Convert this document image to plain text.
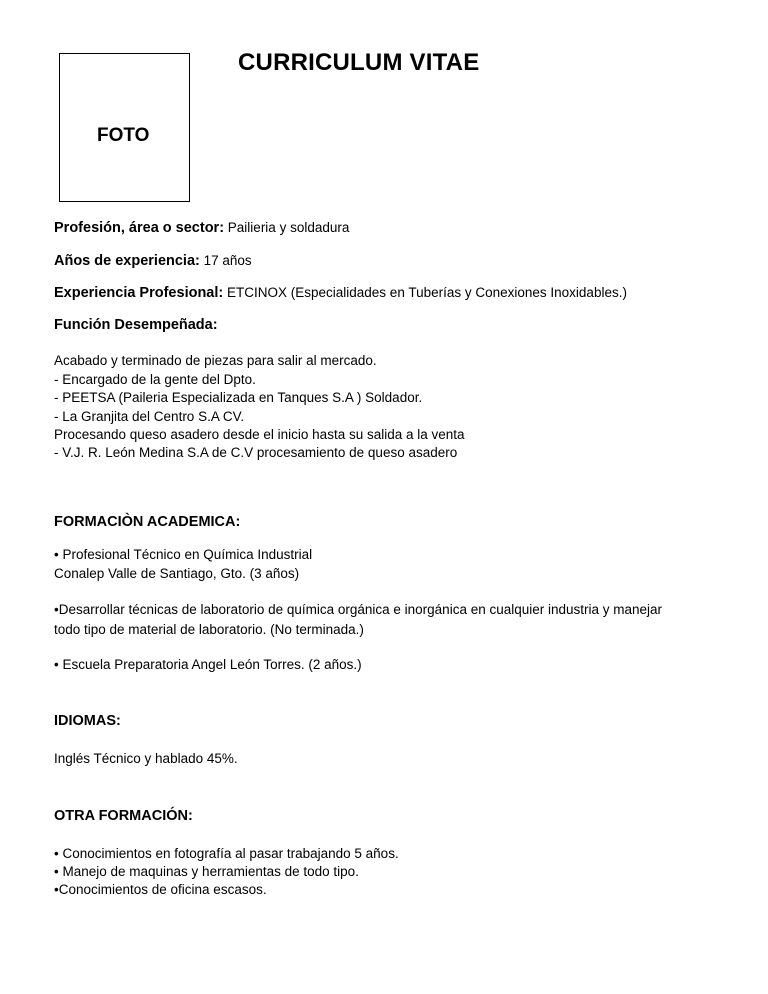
CURRICULUM VITAE
FOTO
Profesión, área o sector: Pailieria y soldadura
Años de experiencia: 17 años
Experiencia Profesional: ETCINOX (Especialidades en Tuberías y Conexiones Inoxidables.)
Función Desempeñada:
Acabado y terminado de piezas para salir al mercado.
- Encargado de la gente del Dpto.
- PEETSA (Paileria Especializada en Tanques S.A ) Soldador.
- La Granjita del Centro S.A CV.
Procesando queso asadero desde el inicio hasta su salida a la venta
- V.J. R. León Medina S.A de C.V procesamiento de queso asadero
FORMACIÒN ACADEMICA:
• Profesional Técnico en Química Industrial
Conalep Valle de Santiago, Gto. (3 años)
•Desarrollar técnicas de laboratorio de química orgánica e inorgánica en cualquier industria y manejar
todo tipo de material de laboratorio. (No terminada.)
• Escuela Preparatoria Angel León Torres. (2 años.)
IDIOMAS:
Inglés Técnico y hablado 45%.
OTRA FORMACIÓN:
• Conocimientos en fotografía al pasar trabajando 5 años.
• Manejo de maquinas y herramientas de todo tipo.
•Conocimientos de oficina escasos.
